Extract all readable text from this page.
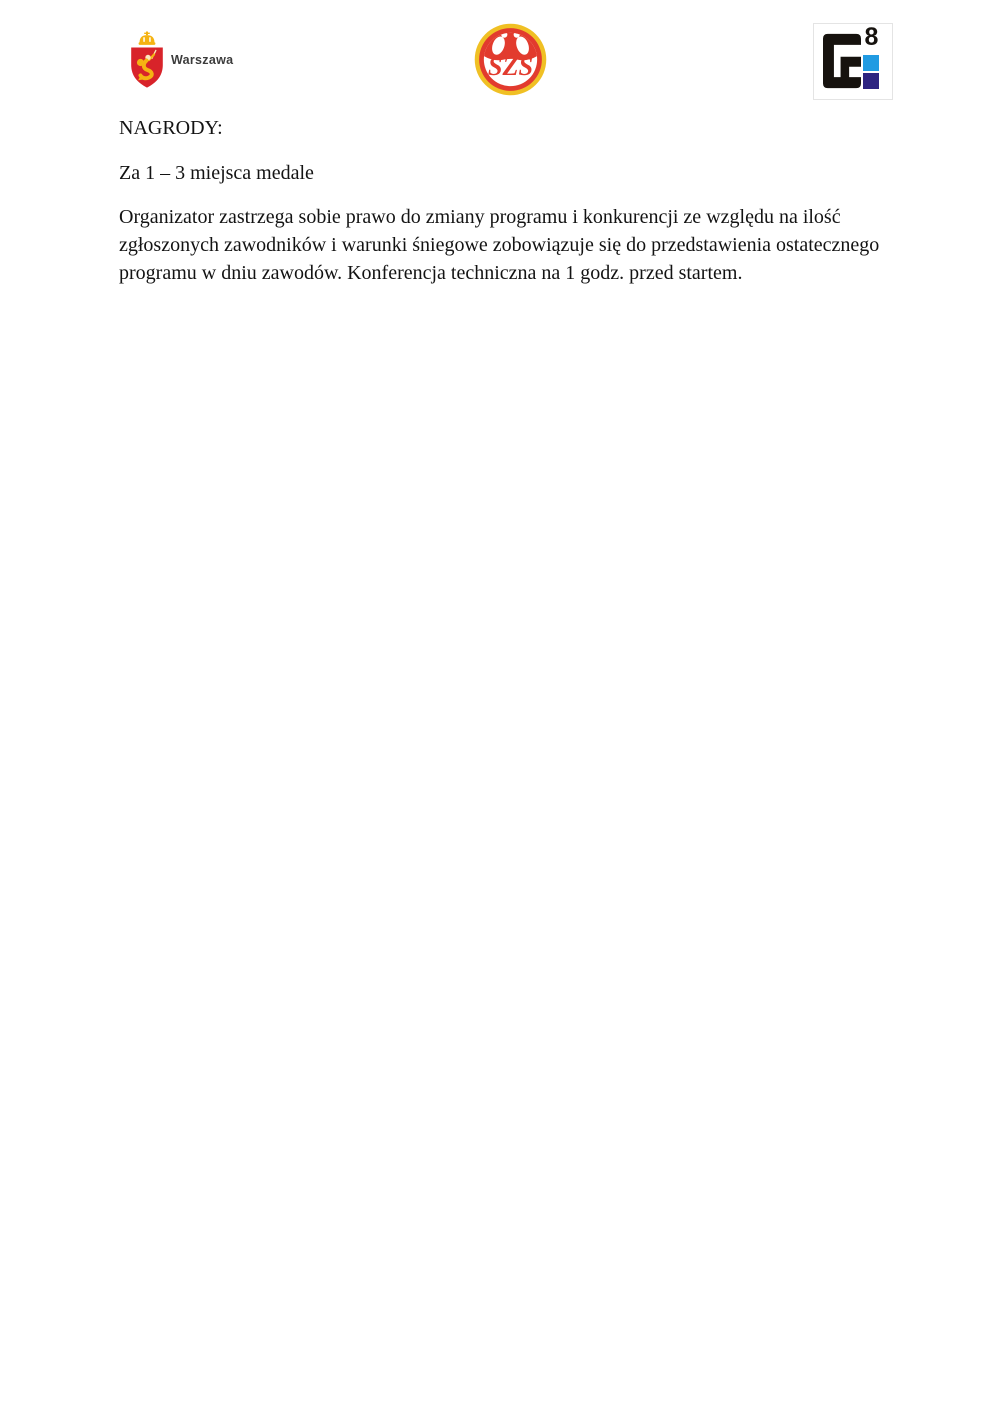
Warszawa	SZS
8

NAGRODY:

Za 1 – 3 miejsca medale

Organizator zastrzega sobie prawo do zmiany programu i konkurencji ze względu na ilość zgłoszonych zawodników i warunki śniegowe zobowiązuje się do przedstawienia ostatecznego programu w dniu zawodów. Konferencja techniczna na 1 godz. przed startem.
